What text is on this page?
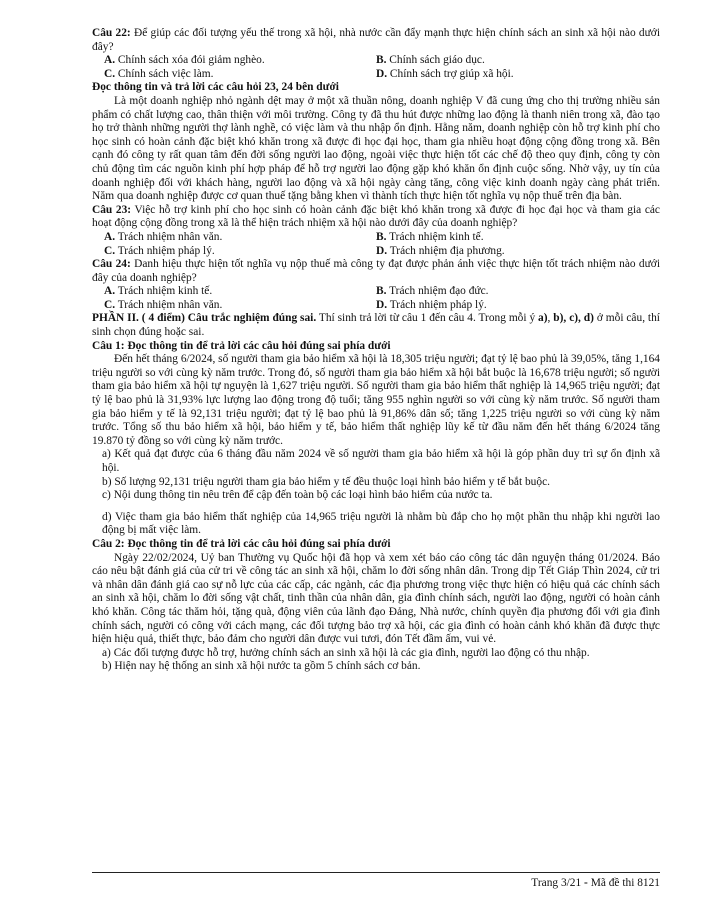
Câu 22: Để giúp các đối tượng yếu thế trong xã hội, nhà nước cần đẩy mạnh thực hiện chính sách an sinh xã hội nào dưới đây?

A. Chính sách xóa đói giảm nghèo.	B. Chính sách giáo dục.
C. Chính sách việc làm.	D. Chính sách trợ giúp xã hội.

Đọc thông tin và trả lời các câu hỏi 23, 24 bên dưới

Là một doanh nghiệp nhỏ ngành dệt may ở một xã thuần nông, doanh nghiệp V đã cung ứng cho thị trường nhiều sản phẩm có chất lượng cao, thân thiện với môi trường. Công ty đã thu hút được những lao động là thanh niên trong xã, đào tạo họ trở thành những người thợ lành nghề, có việc làm và thu nhập ổn định. Hằng năm, doanh nghiệp còn hỗ trợ kinh phí cho học sinh có hoàn cảnh đặc biệt khó khăn trong xã được đi học đại học, tham gia nhiều hoạt động cộng đồng trong xã. Bên cạnh đó công ty rất quan tâm đến đời sống người lao động, ngoài việc thực hiện tốt các chế độ theo quy định, công ty còn chủ động tìm các nguồn kinh phí hợp pháp để hỗ trợ người lao động gặp khó khăn ổn định cuộc sống. Nhờ vậy, uy tín của doanh nghiệp đối với khách hàng, người lao động và xã hội ngày càng tăng, công việc kinh doanh ngày càng phát triển. Năm qua doanh nghiệp được cơ quan thuế tặng bằng khen vì thành tích thực hiện tốt nghĩa vụ nộp thuế trên địa bàn.

Câu 23: Việc hỗ trợ kinh phí cho học sinh có hoàn cảnh đặc biệt khó khăn trong xã được đi học đại học và tham gia các hoạt động cộng đồng trong xã là thể hiện trách nhiệm xã hội nào dưới đây của doanh nghiệp?

A. Trách nhiệm nhân văn.	B. Trách nhiệm kinh tế.
C. Trách nhiệm pháp lý.	D. Trách nhiệm địa phương.

Câu 24: Danh hiệu thực hiện tốt nghĩa vụ nộp thuế mà công ty đạt được phản ánh việc thực hiện tốt trách nhiệm nào dưới đây của doanh nghiệp?

A. Trách nhiệm kinh tế.	B. Trách nhiệm đạo đức.
C. Trách nhiệm nhân văn.	D. Trách nhiệm pháp lý.

PHẦN II. ( 4 điểm) Câu trắc nghiệm đúng sai. Thí sinh trả lời từ câu 1 đến câu 4. Trong mỗi ý a), b), c), d) ở mỗi câu, thí sinh chọn đúng hoặc sai.

Câu 1: Đọc thông tin để trả lời các câu hỏi đúng sai phía dưới

Đến hết tháng 6/2024, số người tham gia bảo hiểm xã hội là 18,305 triệu người; đạt tỷ lệ bao phủ là 39,05%, tăng 1,164 triệu người so với cùng kỳ năm trước. Trong đó, số người tham gia bảo hiểm xã hội bắt buộc là 16,678 triệu người; số người tham gia bảo hiểm xã hội tự nguyện là 1,627 triệu người. Số người tham gia bảo hiểm thất nghiệp là 14,965 triệu người; đạt tỷ lệ bao phủ là 31,93% lực lượng lao động trong độ tuổi; tăng 955 nghìn người so với cùng kỳ năm trước. Số người tham gia bảo hiểm y tế là 92,131 triệu người; đạt tỷ lệ bao phủ là 91,86% dân số; tăng 1,225 triệu người so với cùng kỳ năm trước. Tổng số thu bảo hiểm xã hội, bảo hiểm y tế, bảo hiểm thất nghiệp lũy kế từ đầu năm đến hết tháng 6/2024 tăng 19.870 tỷ đồng so với cùng kỳ năm trước.

a) Kết quả đạt được của 6 tháng đầu năm 2024 về số người tham gia bảo hiểm xã hội là góp phần duy trì sự ổn định xã hội.

b) Số lượng 92,131 triệu người tham gia bảo hiểm y tế đều thuộc loại hình bảo hiểm y tế bắt buộc.

c) Nội dung thông tin nêu trên để cập đến toàn bộ các loại hình bảo hiểm của nước ta.

d) Việc tham gia bảo hiểm thất nghiệp của 14,965 triệu người là nhằm bù đắp cho họ một phần thu nhập khi người lao động bị mất việc làm.

Câu 2: Đọc thông tin để trả lời các câu hỏi đúng sai phía dưới

Ngày 22/02/2024, Uỷ ban Thường vụ Quốc hội đã họp và xem xét báo cáo công tác dân nguyện tháng 01/2024. Báo cáo nêu bật đánh giá của cử tri về công tác an sinh xã hội, chăm lo đời sống nhân dân. Trong dịp Tết Giáp Thìn 2024, cử tri và nhân dân đánh giá cao sự nỗ lực của các cấp, các ngành, các địa phương trong việc thực hiện có hiệu quả các chính sách an sinh xã hội, chăm lo đời sống vật chất, tinh thần của nhân dân, gia đình chính sách, người lao động, người có hoàn cảnh khó khăn. Công tác thăm hỏi, tặng quà, động viên của lãnh đạo Đảng, Nhà nước, chính quyền địa phương đối với gia đình chính sách, người có công với cách mạng, các đối tượng bảo trợ xã hội, các gia đình có hoàn cảnh khó khăn đã được thực hiện hiệu quả, thiết thực, bảo đảm cho người dân được vui tươi, đón Tết đầm ấm, vui vẻ.

a) Các đối tượng được hỗ trợ, hưởng chính sách an sinh xã hội là các gia đình, người lao động có thu nhập.

b) Hiện nay hệ thống an sinh xã hội nước ta gồm 5 chính sách cơ bản.

Trang 3/21 - Mã đề thi 8121
